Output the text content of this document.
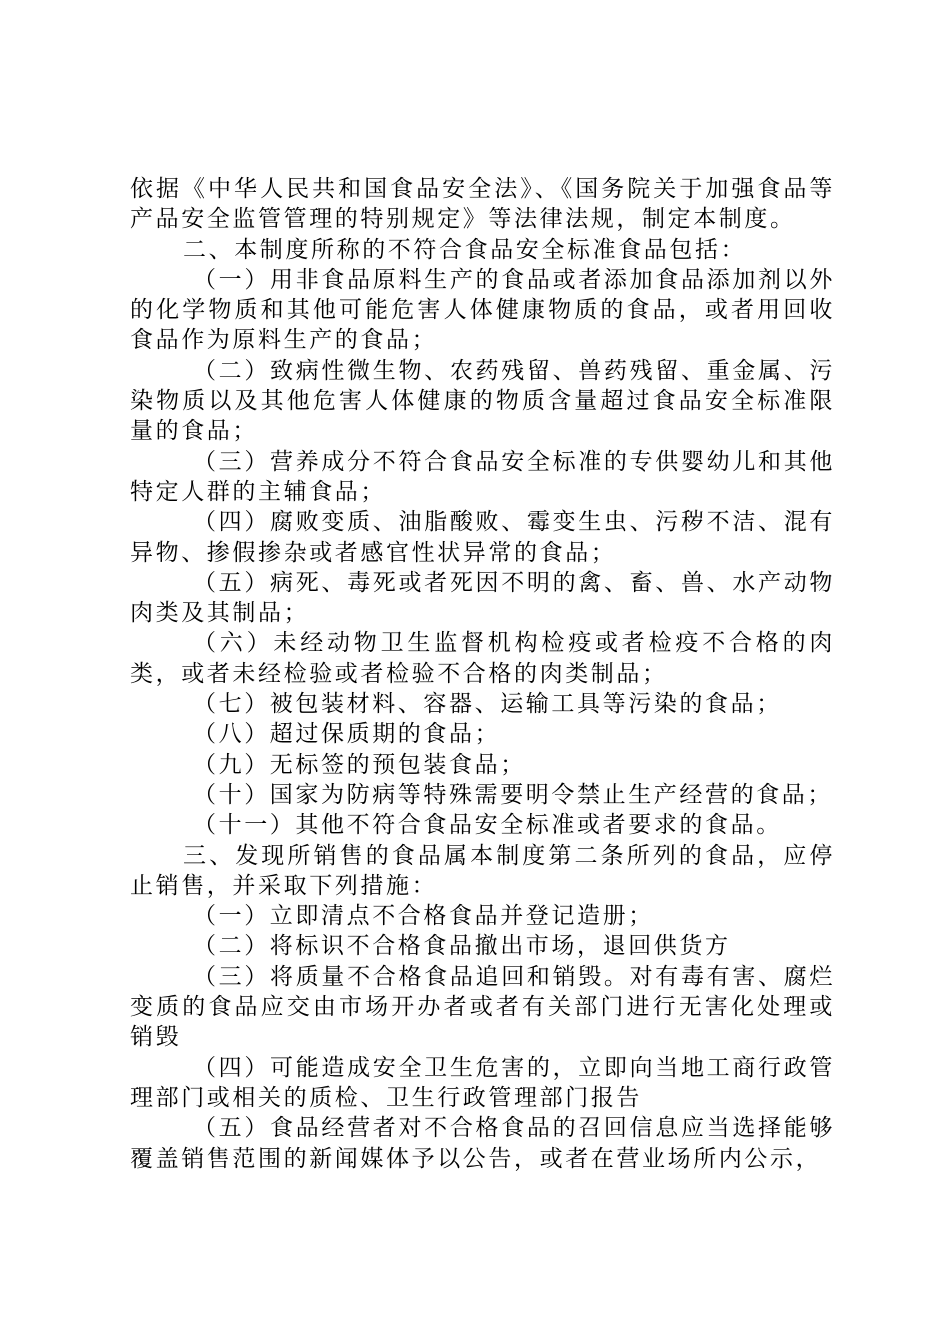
依据《中华人民共和国食品安全法》、《国务院关于加强食品等产品安全监管管理的特别规定》等法律法规，制定本制度。

二、本制度所称的不符合食品安全标准食品包括：

（一）用非食品原料生产的食品或者添加食品添加剂以外的化学物质和其他可能危害人体健康物质的食品，或者用回收食品作为原料生产的食品；

（二）致病性微生物、农药残留、兽药残留、重金属、污染物质以及其他危害人体健康的物质含量超过食品安全标准限量的食品；

（三）营养成分不符合食品安全标准的专供婴幼儿和其他特定人群的主辅食品；

（四）腐败变质、油脂酸败、霉变生虫、污秽不洁、混有异物、掺假掺杂或者感官性状异常的食品；

（五）病死、毒死或者死因不明的禽、畜、兽、水产动物肉类及其制品；

（六）未经动物卫生监督机构检疫或者检疫不合格的肉类，或者未经检验或者检验不合格的肉类制品；

（七）被包装材料、容器、运输工具等污染的食品；

（八）超过保质期的食品；

（九）无标签的预包装食品；

（十）国家为防病等特殊需要明令禁止生产经营的食品；

（十一）其他不符合食品安全标准或者要求的食品。

三、发现所销售的食品属本制度第二条所列的食品，应停止销售，并采取下列措施：

（一）立即清点不合格食品并登记造册；

（二）将标识不合格食品撤出市场，退回供货方

（三）将质量不合格食品追回和销毁。对有毒有害、腐烂变质的食品应交由市场开办者或者有关部门进行无害化处理或销毁

（四）可能造成安全卫生危害的，立即向当地工商行政管理部门或相关的质检、卫生行政管理部门报告

（五）食品经营者对不合格食品的召回信息应当选择能够覆盖销售范围的新闻媒体予以公告，或者在营业场所内公示，
